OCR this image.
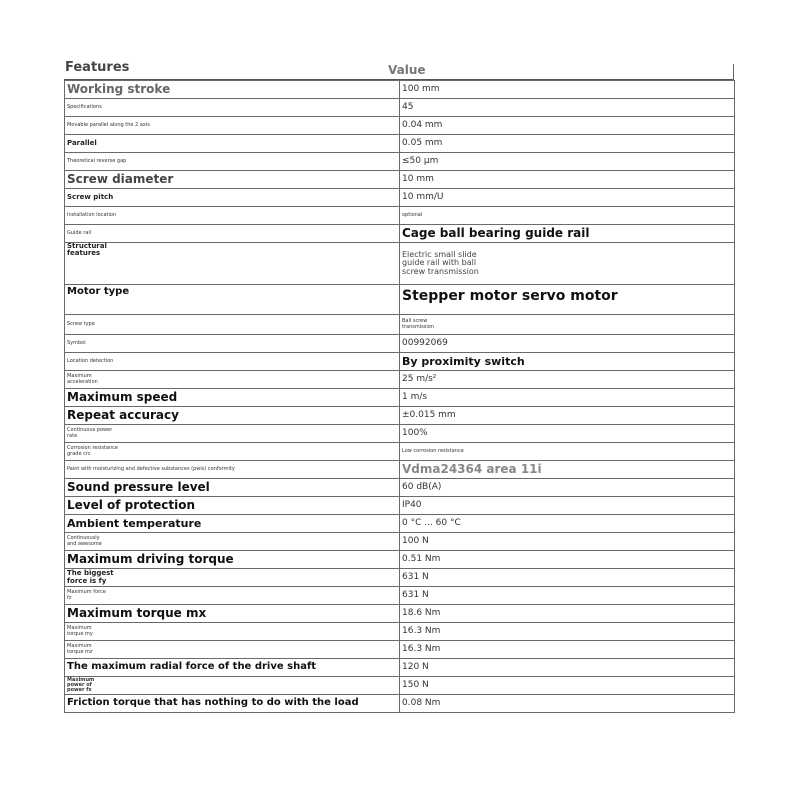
Features	Value
Working stroke	100 mm
Specifications	45
Movable parallel along the 2 axis	0.04 mm
Parallel	0.05 mm
Theoretical reverse gap	≤50 µm
Screw diameter	10 mm
Screw pitch	10 mm/U
Installation location	optional
Guide rail	Cage ball bearing guide rail
Structural features	Electric small slide guide rail with ball screw transmission
Motor type	Stepper motor servo motor
Screw type	Ball screw transmission
Symbol	00992069
Location detection	By proximity switch
Maximum acceleration	25 m/s²
Maximum speed	1 m/s
Repeat accuracy	±0.015 mm
Continuous power rate	100%
Corrosion resistance grade crc	Low corrosion resistance
Paint with moisturizing and defective substances (pwis) conformity	Vdma24364 area 11i
Sound pressure level	60 dB(A)
Level of protection	IP40
Ambient temperature	0 °C ... 60 °C
Continuously and awesome	100 N
Maximum driving torque	0.51 Nm
The biggest force is fy	631 N
Maximum force fz	631 N
Maximum torque mx	18.6 Nm
Maximum torque my	16.3 Nm
Maximum torque mz	16.3 Nm
The maximum radial force of the drive shaft	120 N
Maximum power of power fx	150 N
Friction torque that has nothing to do with the load	0.08 Nm
